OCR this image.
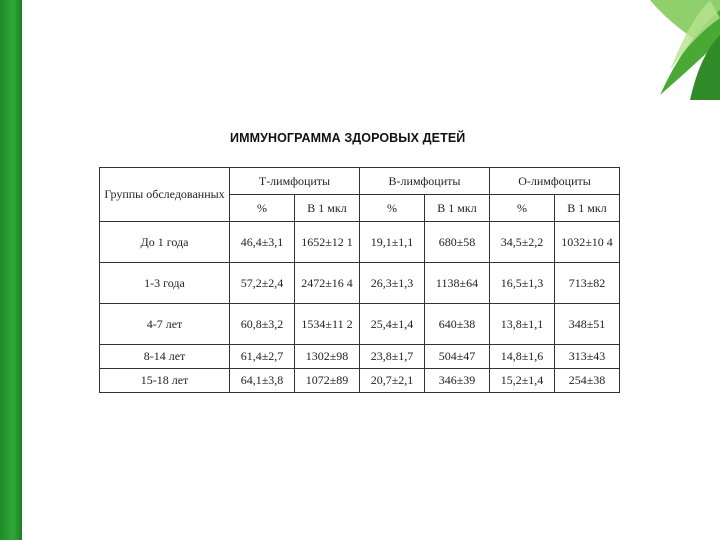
ИММУНОГРАММА ЗДОРОВЫХ ДЕТЕЙ
Группы обследованных	Т-лимфоциты		В-лимфоциты		О-лимфоциты	
	%	В 1 мкл	%	В 1 мкл	%	В 1 мкл
До 1 года	46,4±3,1	1652±12 1	19,1±1,1	680±58	34,5±2,2	1032±10 4
1-3 года	57,2±2,4	2472±16 4	26,3±1,3	1138±64	16,5±1,3	713±82
4-7 лет	60,8±3,2	1534±11 2	25,4±1,4	640±38	13,8±1,1	348±51
8-14 лет	61,4±2,7	1302±98	23,8±1,7	504±47	14,8±1,6	313±43
15-18 лет	64,1±3,8	1072±89	20,7±2,1	346±39	15,2±1,4	254±38
